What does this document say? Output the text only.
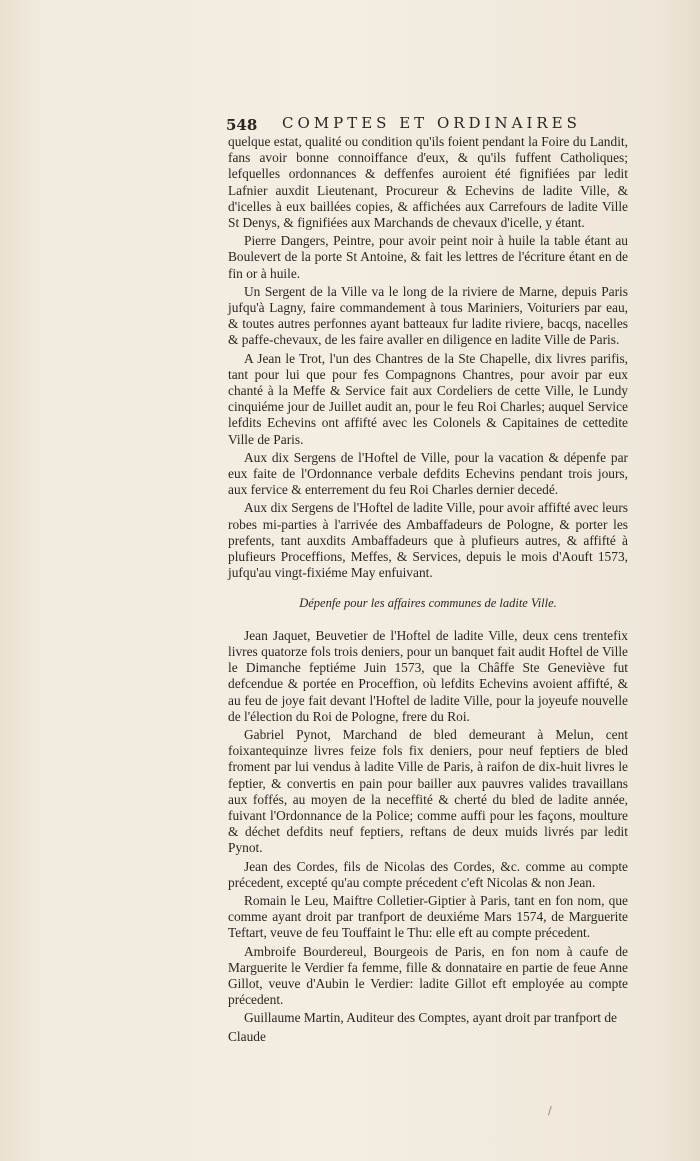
548 COMPTES ET ORDINAIRES

quelque estat, qualité ou condition qu'ils foient pendant la Foire du Landit, fans avoir bonne connoiffance d'eux, & qu'ils fuffent Catholiques; lefquelles ordonnances & deffenfes auroient été fignifiées par ledit Lafnier auxdit Lieutenant, Procureur & Echevins de ladite Ville, & d'icelles à eux baillées copies, & affichées aux Carrefours de ladite Ville St Denys, & fignifiées aux Marchands de chevaux d'icelle, y étant.

Pierre Dangers, Peintre, pour avoir peint noir à huile la table étant au Boulevert de la porte St Antoine, & fait les lettres de l'écriture étant en de fin or à huile.

Un Sergent de la Ville va le long de la riviere de Marne, depuis Paris jufqu'à Lagny, faire commandement à tous Mariniers, Voituriers par eau, & toutes autres perfonnes ayant batteaux fur ladite riviere, bacqs, nacelles & paffe-chevaux, de les faire avaller en diligence en ladite Ville de Paris.

A Jean le Trot, l'un des Chantres de la Ste Chapelle, dix livres parifis, tant pour lui que pour fes Compagnons Chantres, pour avoir par eux chanté à la Meffe & Service fait aux Cordeliers de cette Ville, le Lundy cinquiéme jour de Juillet audit an, pour le feu Roi Charles; auquel Service lefdits Echevins ont affifté avec les Colonels & Capitaines de cettedite Ville de Paris.

Aux dix Sergens de l'Hoftel de Ville, pour la vacation & dépenfe par eux faite de l'Ordonnance verbale defdits Echevins pendant trois jours, aux fervice & enterrement du feu Roi Charles dernier decedé.

Aux dix Sergens de l'Hoftel de ladite Ville, pour avoir affifté avec leurs robes mi-parties à l'arrivée des Ambaffadeurs de Pologne, & porter les prefents, tant auxdits Ambaffadeurs que à plufieurs autres, & affifté à plufieurs Proceffions, Meffes, & Services, depuis le mois d'Aouft 1573, jufqu'au vingt-fixiéme May enfuivant.

Dépenfe pour les affaires communes de ladite Ville.

Jean Jaquet, Beuvetier de l'Hoftel de ladite Ville, deux cens trentefix livres quatorze fols trois deniers, pour un banquet fait audit Hoftel de Ville le Dimanche feptiéme Juin 1573, que la Châffe Ste Geneviève fut defcendue & portée en Proceffion, où lefdits Echevins avoient affifté, & au feu de joye fait devant l'Hoftel de ladite Ville, pour la joyeufe nouvelle de l'élection du Roi de Pologne, frere du Roi.

Gabriel Pynot, Marchand de bled demeurant à Melun, cent foixantequinze livres feize fols fix deniers, pour neuf feptiers de bled froment par lui vendus à ladite Ville de Paris, à raifon de dix-huit livres le feptier, & convertis en pain pour bailler aux pauvres valides travaillans aux foffés, au moyen de la neceffité & cherté du bled de ladite année, fuivant l'Ordonnance de la Police; comme auffi pour les façons, moulture & déchet defdits neuf feptiers, reftans de deux muids livrés par ledit Pynot.

Jean des Cordes, fils de Nicolas des Cordes, &c. comme au compte précedent, excepté qu'au compte précedent c'eft Nicolas & non Jean.

Romain le Leu, Maiftre Colletier-Giptier à Paris, tant en fon nom, que comme ayant droit par tranfport de deuxiéme Mars 1574, de Marguerite Teftart, veuve de feu Touffaint le Thu: elle eft au compte précedent.

Ambroife Bourdereul, Bourgeois de Paris, en fon nom à caufe de Marguerite le Verdier fa femme, fille & donnataire en partie de feue Anne Gillot, veuve d'Aubin le Verdier: ladite Gillot eft employée au compte précedent.

Guillaume Martin, Auditeur des Comptes, ayant droit par tranfport de

Claude

/
